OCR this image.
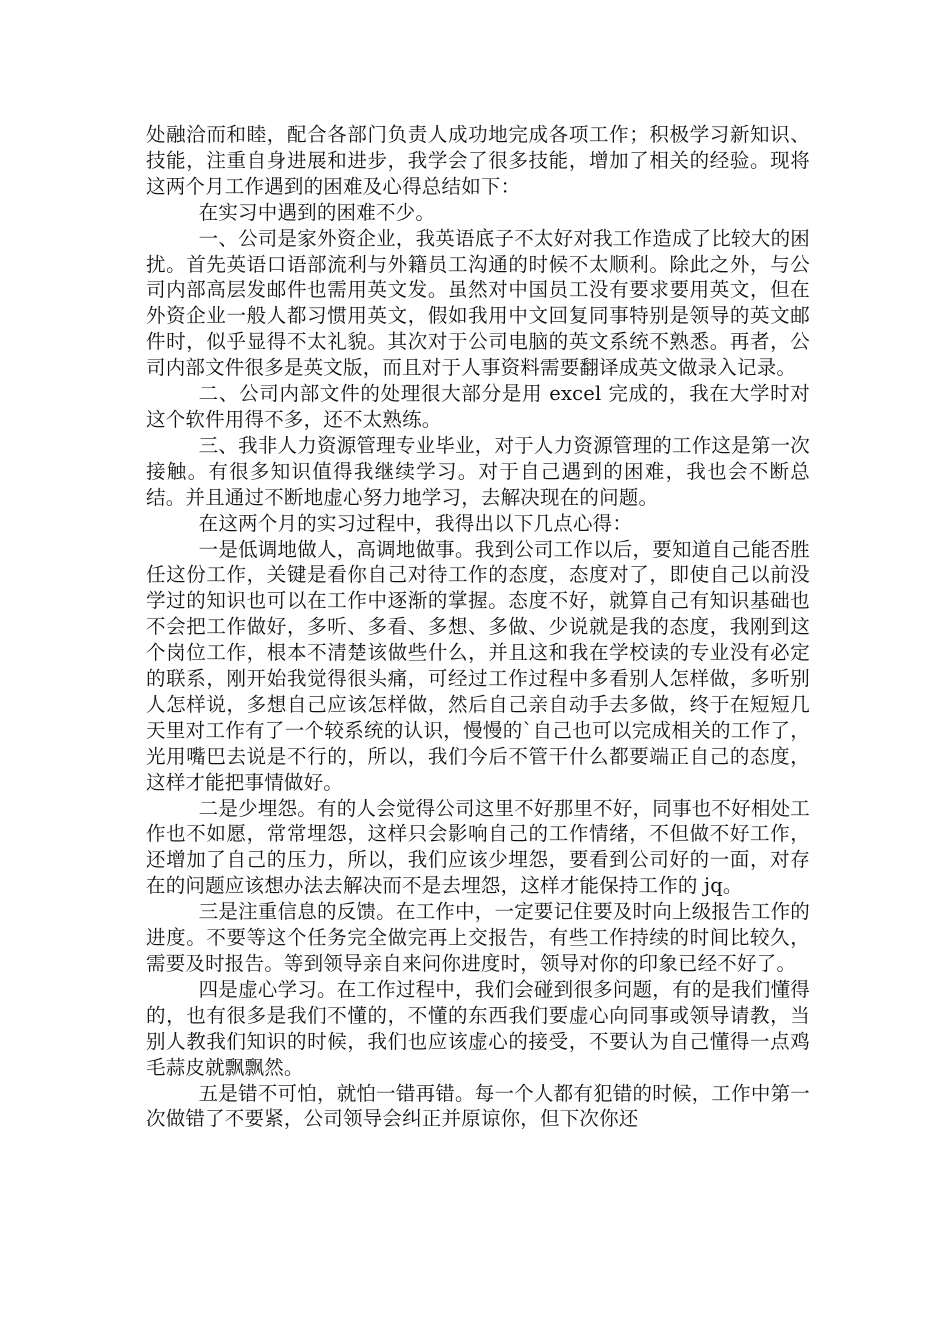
处融洽而和睦，配合各部门负责人成功地完成各项工作；积极学习新知识、技能，注重自身进展和进步，我学会了很多技能，增加了相关的经验。现将这两个月工作遇到的困难及心得总结如下：

在实习中遇到的困难不少。

一、公司是家外资企业，我英语底子不太好对我工作造成了比较大的困扰。首先英语口语部流利与外籍员工沟通的时候不太顺利。除此之外，与公司内部高层发邮件也需用英文发。虽然对中国员工没有要求要用英文，但在外资企业一般人都习惯用英文，假如我用中文回复同事特别是领导的英文邮件时，似乎显得不太礼貌。其次对于公司电脑的英文系统不熟悉。再者，公司内部文件很多是英文版，而且对于人事资料需要翻译成英文做录入记录。

二、公司内部文件的处理很大部分是用 excel 完成的，我在大学时对这个软件用得不多，还不太熟练。

三、我非人力资源管理专业毕业，对于人力资源管理的工作这是第一次接触。有很多知识值得我继续学习。对于自己遇到的困难，我也会不断总结。并且通过不断地虚心努力地学习，去解决现在的问题。

在这两个月的实习过程中，我得出以下几点心得：

一是低调地做人，高调地做事。我到公司工作以后，要知道自己能否胜任这份工作，关键是看你自己对待工作的态度，态度对了，即使自己以前没学过的知识也可以在工作中逐渐的掌握。态度不好，就算自己有知识基础也不会把工作做好，多听、多看、多想、多做、少说就是我的态度，我刚到这个岗位工作，根本不清楚该做些什么，并且这和我在学校读的专业没有必定的联系，刚开始我觉得很头痛，可经过工作过程中多看别人怎样做，多听别人怎样说，多想自己应该怎样做，然后自己亲自动手去多做，终于在短短几天里对工作有了一个较系统的认识，慢慢的`自己也可以完成相关的工作了，光用嘴巴去说是不行的，所以，我们今后不管干什么都要端正自己的态度，这样才能把事情做好。

二是少埋怨。有的人会觉得公司这里不好那里不好，同事也不好相处工作也不如愿，常常埋怨，这样只会影响自己的工作情绪，不但做不好工作，还增加了自己的压力，所以，我们应该少埋怨，要看到公司好的一面，对存在的问题应该想办法去解决而不是去埋怨，这样才能保持工作的 jq。

三是注重信息的反馈。在工作中，一定要记住要及时向上级报告工作的进度。不要等这个任务完全做完再上交报告，有些工作持续的时间比较久，需要及时报告。等到领导亲自来问你进度时，领导对你的印象已经不好了。

四是虚心学习。在工作过程中，我们会碰到很多问题，有的是我们懂得的，也有很多是我们不懂的，不懂的东西我们要虚心向同事或领导请教，当别人教我们知识的时候，我们也应该虚心的接受，不要认为自己懂得一点鸡毛蒜皮就飘飘然。

五是错不可怕，就怕一错再错。每一个人都有犯错的时候，工作中第一次做错了不要紧，公司领导会纠正并原谅你，但下次你还
